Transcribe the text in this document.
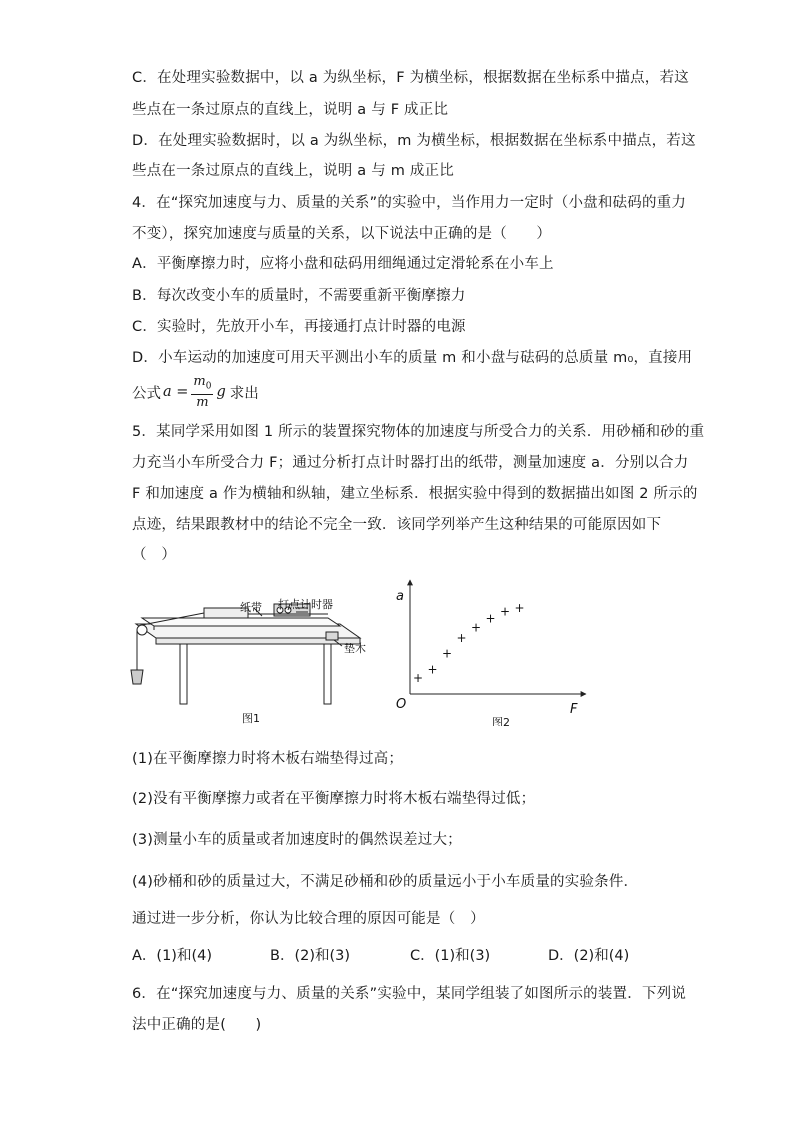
C．在处理实验数据中，以 a 为纵坐标，F 为横坐标，根据数据在坐标系中描点，若这
些点在一条过原点的直线上，说明 a 与 F 成正比
D．在处理实验数据时，以 a 为纵坐标，m 为横坐标，根据数据在坐标系中描点，若这
些点在一条过原点的直线上，说明 a 与 m 成正比
4．在“探究加速度与力、质量的关系”的实验中，当作用力一定时（小盘和砝码的重力
不变），探究加速度与质量的关系，以下说法中正确的是（　　）
A．平衡摩擦力时，应将小盘和砝码用细绳通过定滑轮系在小车上
B．每次改变小车的质量时，不需要重新平衡摩擦力
C．实验时，先放开小车，再接通打点计时器的电源
D．小车运动的加速度可用天平测出小车的质量 m 和小盘与砝码的总质量 m₀，直接用
公式 $a = \frac{m_0}{m}$ g 求出
5．某同学采用如图 1 所示的装置探究物体的加速度与所受合力的关系．用砂桶和砂的重
力充当小车所受合力 F；通过分析打点计时器打出的纸带，测量加速度 a．分别以合力
F 和加速度 a 作为横轴和纵轴，建立坐标系．根据实验中得到的数据描出如图 2 所示的
点迹，结果跟教材中的结论不完全一致．该同学列举产生这种结果的可能原因如下
（　）
纸带 打点计时器
垫木
图1
a
F
O
图2
+
+
+
+
+
+ + +
(1)在平衡摩擦力时将木板右端垫得过高；
(2)没有平衡摩擦力或者在平衡摩擦力时将木板右端垫得过低；
(3)测量小车的质量或者加速度时的偶然误差过大；
(4)砂桶和砂的质量过大，不满足砂桶和砂的质量远小于小车质量的实验条件．
通过进一步分析，你认为比较合理的原因可能是（　）
A．(1)和(4)	B．(2)和(3)	C．(1)和(3)	D．(2)和(4)
6．在“探究加速度与力、质量的关系”实验中，某同学组装了如图所示的装置．下列说
法中正确的是(　　)
